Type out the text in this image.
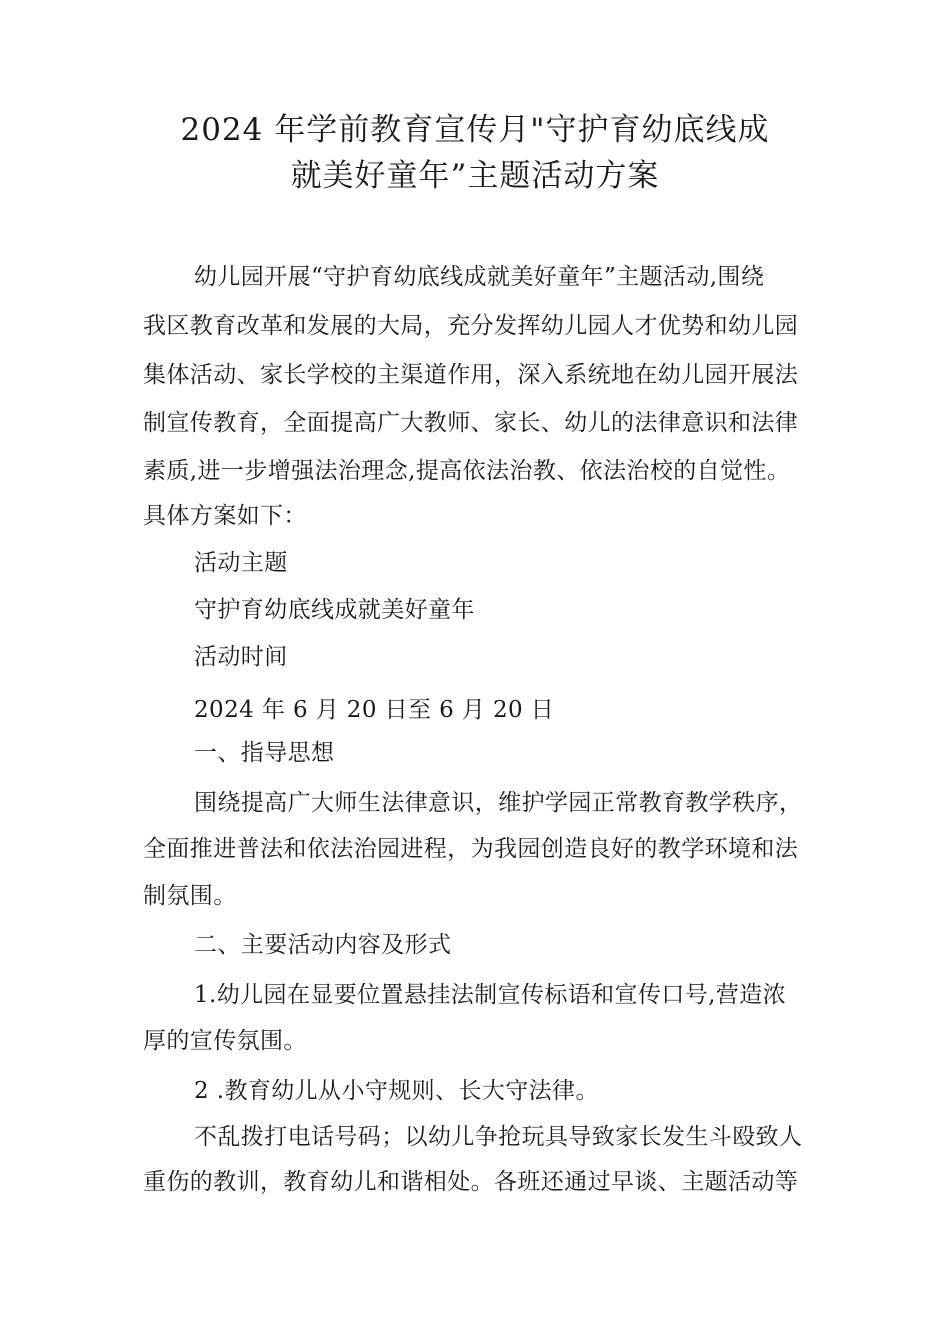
2024 年学前教育宣传月"守护育幼底线成
就美好童年”主题活动方案
幼儿园开展“守护育幼底线成就美好童年”主题活动,围绕
我区教育改革和发展的大局，充分发挥幼儿园人才优势和幼儿园
集体活动、家长学校的主渠道作用，深入系统地在幼儿园开展法
制宣传教育，全面提高广大教师、家长、幼儿的法律意识和法律
素质,进一步增强法治理念,提高依法治教、依法治校的自觉性。
具体方案如下：
活动主题
守护育幼底线成就美好童年
活动时间
2024 年 6 月 20 日至 6 月 20 日
一、指导思想
围绕提高广大师生法律意识，维护学园正常教育教学秩序，
全面推进普法和依法治园进程，为我园创造良好的教学环境和法
制氛围。
二、主要活动内容及形式
1.幼儿园在显要位置悬挂法制宣传标语和宣传口号,营造浓
厚的宣传氛围。
2 .教育幼儿从小守规则、长大守法律。
不乱拨打电话号码；以幼儿争抢玩具导致家长发生斗殴致人
重伤的教训，教育幼儿和谐相处。各班还通过早谈、主题活动等
